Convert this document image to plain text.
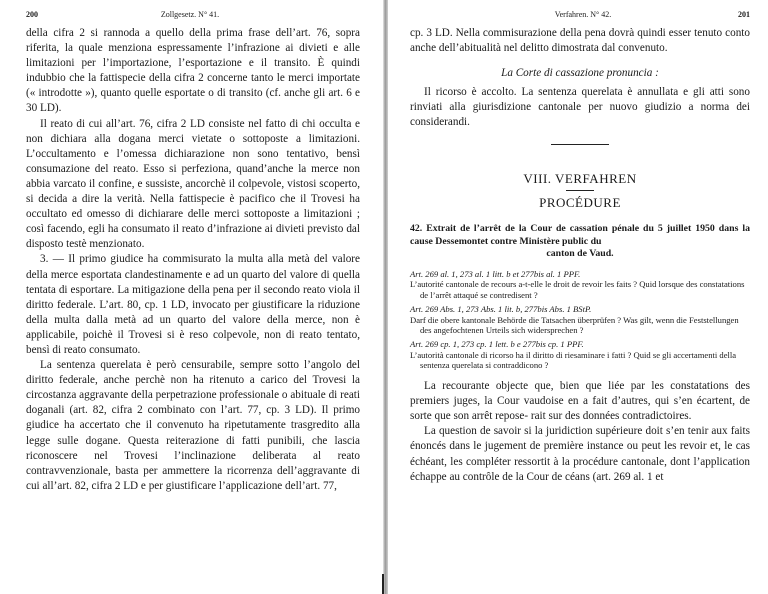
200	Zollgesetz. N° 41.

della cifra 2 si rannoda a quello della prima frase dell’art. 76, sopra riferita, la quale menziona espressamente l’infrazione ai divieti e alle limitazioni per l’importazione, l’esportazione e il transito. È quindi indubbio che la fattispecie della cifra 2 concerne tanto le merci importate (« introdotte »), quanto quelle esportate o di transito (cf. anche gli art. 6 e 30 LD).

Il reato di cui all’art. 76, cifra 2 LD consiste nel fatto di chi occulta e non dichiara alla dogana merci vietate o sottoposte a limitazioni. L’occultamento e l’omessa dichiarazione non sono tentativo, bensì consumazione del reato. Esso si perfeziona, quand’anche la merce non abbia varcato il confine, e sussiste, ancorchè il colpevole, vistosi scoperto, si decida a dire la verità. Nella fattispecie è pacifico che il Trovesi ha occultato ed omesso di dichiarare delle merci sottoposte a limitazioni ; così facendo, egli ha consumato il reato d’infrazione ai divieti previsto dal disposto testè menzionato.

3. — Il primo giudice ha commisurato la multa alla metà del valore della merce esportata clandestinamente e ad un quarto del valore di quella tentata di esportare. La mitigazione della pena per il secondo reato viola il diritto federale. L’art. 80, cp. 1 LD, invocato per giustificare la riduzione della multa dalla metà ad un quarto del valore della merce, non è applicabile, poichè il Trovesi si è reso colpevole, non di reato tentato, bensì di reato consumato.

La sentenza querelata è però censurabile, sempre sotto l’angolo del diritto federale, anche perchè non ha ritenuto a carico del Trovesi la circostanza aggravante della perpetrazione professionale o abituale di reati doganali (art. 82, cifra 2 combinato con l’art. 77, cp. 3 LD). Il primo giudice ha accertato che il convenuto ha ripetutamente trasgredito alla legge sulle dogane. Questa reiterazione di fatti punibili, che lascia riconoscere nel Trovesi l’inclinazione deliberata al reato contravvenzionale, basta per ammettere la ricorrenza dell’aggravante di cui all’art. 82, cifra 2 LD e per giustificare l’applicazione dell’art. 77,

Verfahren. N° 42.	201

cp. 3 LD. Nella commisurazione della pena dovrà quindi esser tenuto conto anche dell’abitualità nel delitto dimostrata dal convenuto.

La Corte di cassazione pronuncia :

Il ricorso è accolto. La sentenza querelata è annullata e gli atti sono rinviati alla giurisdizione cantonale per nuovo giudizio a norma dei considerandi.

VIII. VERFAHREN
PROCÉDURE
42. Extrait de l’arrêt de la Cour de cassation pénale du 5 juillet 1950 dans la cause Dessemontet contre Ministère public du
canton de Vaud.
Art. 269 al. 1, 273 al. 1 litt. b et 277bis al. 1 PPF.
L’autorité cantonale de recours a-t-elle le droit de revoir les faits ? Quid lorsque des constatations de l’arrêt attaqué se contredisent ?
Art. 269 Abs. 1, 273 Abs. 1 lit. b, 277bis Abs. 1 BStP.
Darf die obere kantonale Behörde die Tatsachen überprüfen ? Was gilt, wenn die Feststellungen des angefochtenen Urteils sich widersprechen ?
Art. 269 cp. 1, 273 cp. 1 lett. b e 277bis cp. 1 PPF.
L’autorità cantonale di ricorso ha il diritto di riesaminare i fatti ? Quid se gli accertamenti della sentenza querelata si contraddicono ?

La recourante objecte que, bien que liée par les constatations des premiers juges, la Cour vaudoise en a fait d’autres, qui s’en écartent, de sorte que son arrêt repose- rait sur des données contradictoires.

La question de savoir si la juridiction supérieure doit s’en tenir aux faits énoncés dans le jugement de première instance ou peut les revoir et, le cas échéant, les compléter ressortit à la procédure cantonale, dont l’application échappe au contrôle de la Cour de céans (art. 269 al. 1 et
